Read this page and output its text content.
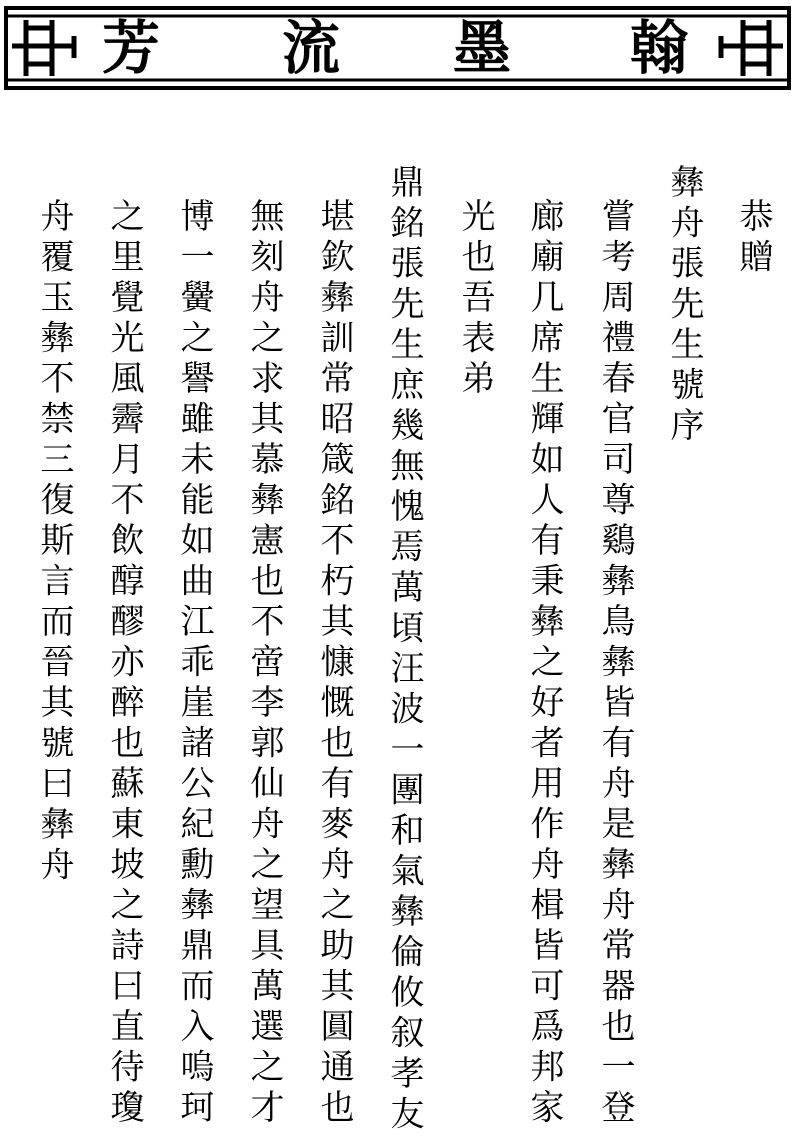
芳 流 墨 翰
恭贈
彝舟張先生號序
嘗考周禮春官司尊鷄彝鳥彝皆有舟是彝舟常器也一登
廊廟几席生輝如人有秉彝之好者用作舟楫皆可爲邦家
光也吾表弟
鼎銘張先生庶幾無愧焉萬頃汪波一團和氣彝倫攸叙孝友
堪欽彝訓常昭箴銘不朽其慷慨也有麥舟之助其圓通也
無刻舟之求其慕彝憲也不啻李郭仙舟之望具萬選之才
博一黌之譽雖未能如曲江乖崖諸公紀勳彝鼎而入嗚珂
之里覺光風霽月不飲醇醪亦醉也蘇東坡之詩曰直待瓊
舟覆玉彝不禁三復斯言而晉其號曰
彝舟
